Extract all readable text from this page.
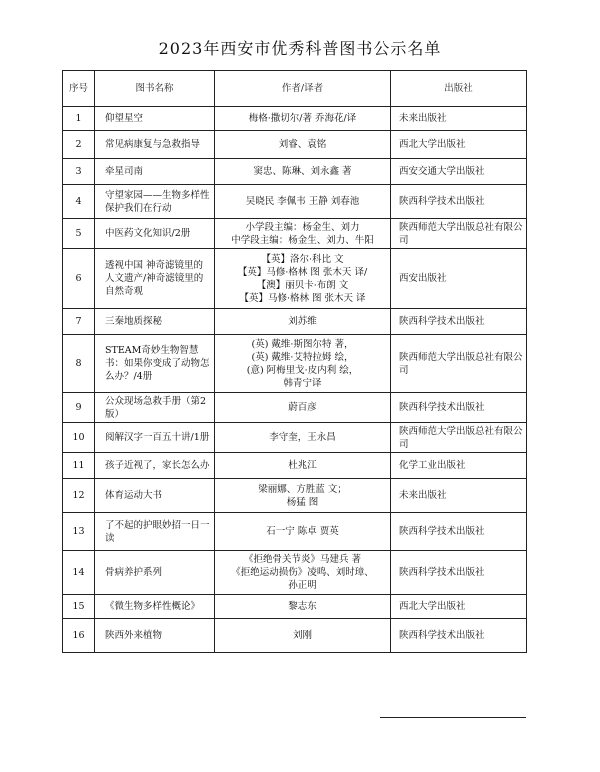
2023年西安市优秀科普图书公示名单
序号	图书名称	作者/译者	出版社
1	仰望星空	梅格·撒切尔/著 乔海花/译	未来出版社
2	常见病康复与急救指导	刘睿、袁铭	西北大学出版社
3	牵星司南	窦忠、陈琳、刘永鑫 著	西安交通大学出版社
4	守望家园——生物多样性保护我们在行动	吴晓民 李佩韦 王静 刘春池	陕西科学技术出版社
5	中医药文化知识/2册	小学段主编：杨金生、刘力
中学段主编：杨金生、刘力、牛阳	陕西师范大学出版总社有限公司
6	透视中国 神奇滤镜里的人文遗产/神奇滤镜里的自然奇观	【英】洛尔·科比 文
【英】马修·格林 图 张木天 译/
【澳】丽贝卡·布朗 文
【英】马修·格林 图 张木天 译	西安出版社
7	三秦地质探秘	刘苏维	陕西科学技术出版社
8	STEAM奇妙生物智慧书：如果你变成了动物怎么办？/4册	(英) 戴维·斯图尔特 著，
(英) 戴维·艾特拉姆 绘，
(意) 阿梅里戈·皮内利 绘，
韩青宁译	陕西师范大学出版总社有限公司
9	公众现场急救手册（第2版）	蔚百彦	陕西科学技术出版社
10	阅解汉字一百五十讲/1册	李守奎，王永昌	陕西师范大学出版总社有限公司
11	孩子近视了，家长怎么办	杜兆江	化学工业出版社
12	体育运动大书	梁丽娜、方胜蓝 文；
杨猛 图	未来出版社
13	了不起的护眼妙招一日一读	石一宁 陈卓 贾英	陕西科学技术出版社
14	骨病养护系列	《拒绝骨关节炎》马建兵 著
《拒绝运动损伤》凌鸣、刘时璋、
孙正明	陕西科学技术出版社
15	《微生物多样性概论》	黎志东	西北大学出版社
16	陕西外来植物	刘刚	陕西科学技术出版社
